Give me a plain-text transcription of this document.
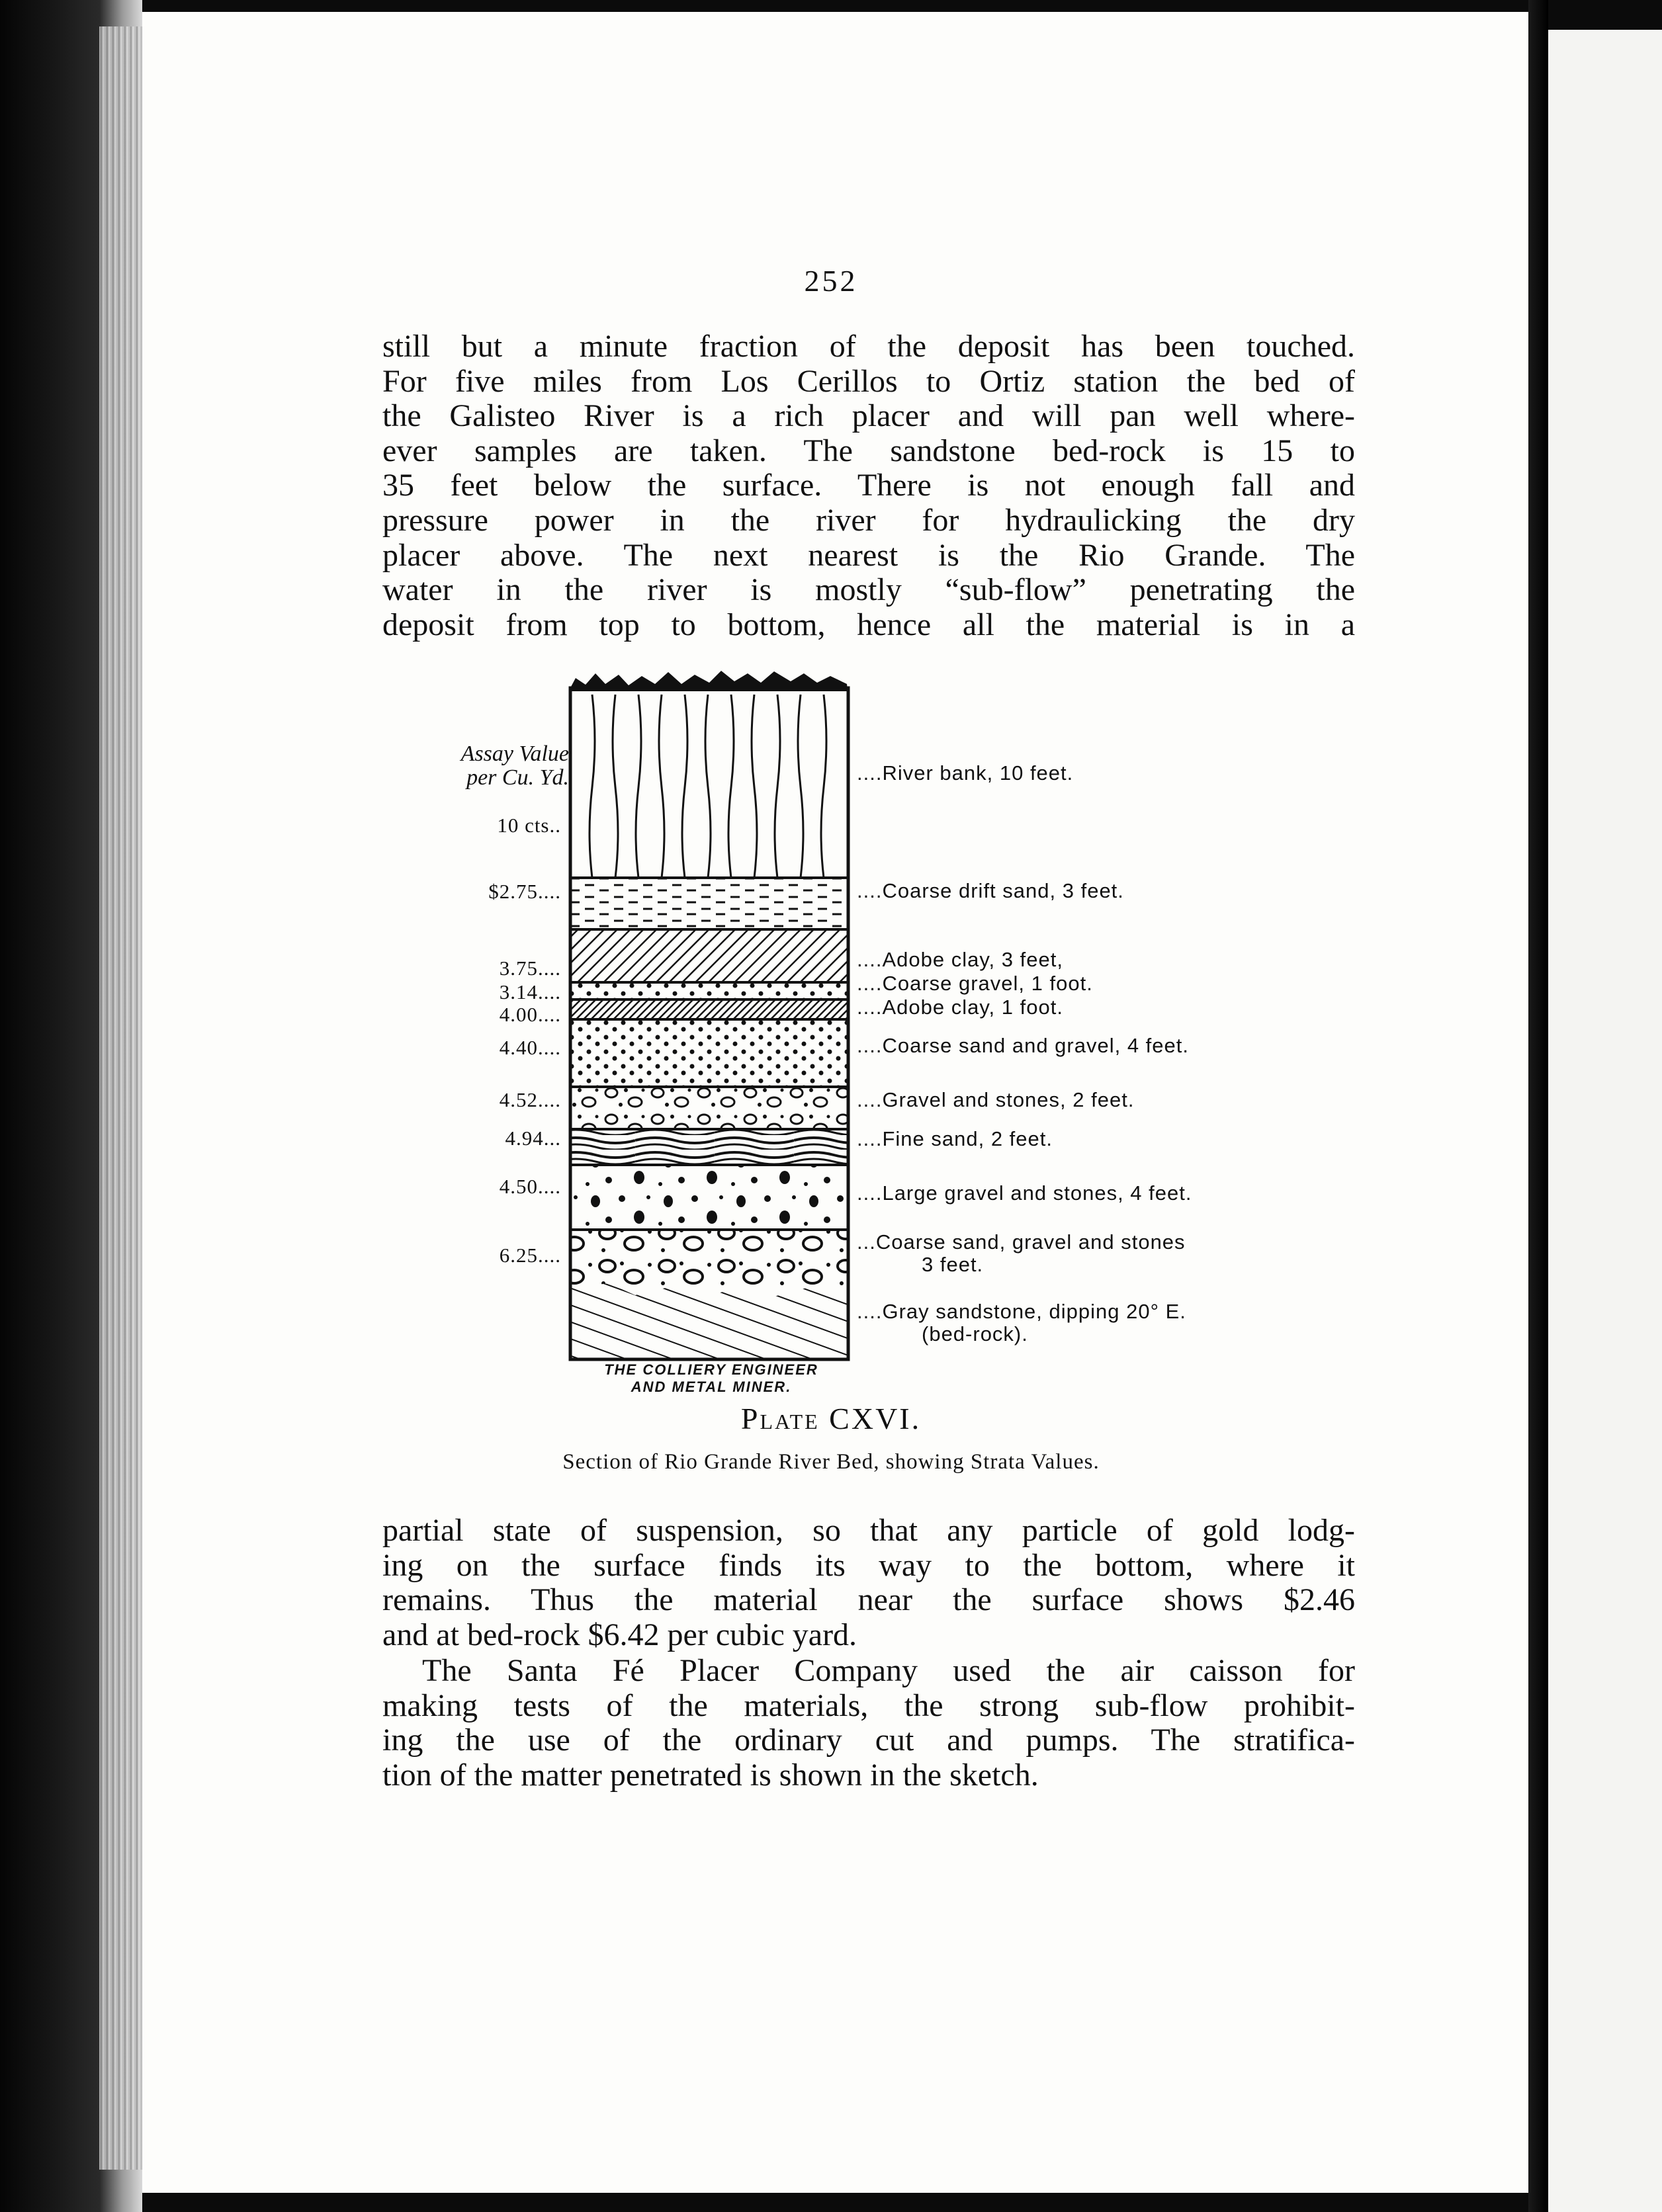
252

still but a minute fraction of the deposit has been touched.
For five miles from Los Cerillos to Ortiz station the bed of
the Galisteo River is a rich placer and will pan well where-
ever samples are taken. The sandstone bed-rock is 15 to
35 feet below the surface. There is not enough fall and
pressure power in the river for hydraulicking the dry
placer above. The next nearest is the Rio Grande. The
water in the river is mostly “sub-flow” penetrating the
deposit from top to bottom, hence all the material is in a

Assay Value
per Cu. Yd.
10 cts..
$2.75....
3.75....
3.14....
4.00....
4.40....
4.52....
4.94...
4.50....
6.25....
....River bank, 10 feet.
....Coarse drift sand, 3 feet.
....Adobe clay, 3 feet,
....Coarse gravel, 1 foot.
....Adobe clay, 1 foot.
....Coarse sand and gravel, 4 feet.
....Gravel and stones, 2 feet.
....Fine sand, 2 feet.
....Large gravel and stones, 4 feet.
...Coarse sand, gravel and stones
3 feet.
....Gray sandstone, dipping 20° E.
(bed-rock).
THE COLLIERY ENGINEER
AND METAL MINER.
Plate CXVI.
Section of Rio Grande River Bed, showing Strata Values.

partial state of suspension, so that any particle of gold lodg-
ing on the surface finds its way to the bottom, where it
remains. Thus the material near the surface shows $2.46
and at bed-rock $6.42 per cubic yard.

The Santa Fé Placer Company used the air caisson for
making tests of the materials, the strong sub-flow prohibit-
ing the use of the ordinary cut and pumps. The stratifica-
tion of the matter penetrated is shown in the sketch.
